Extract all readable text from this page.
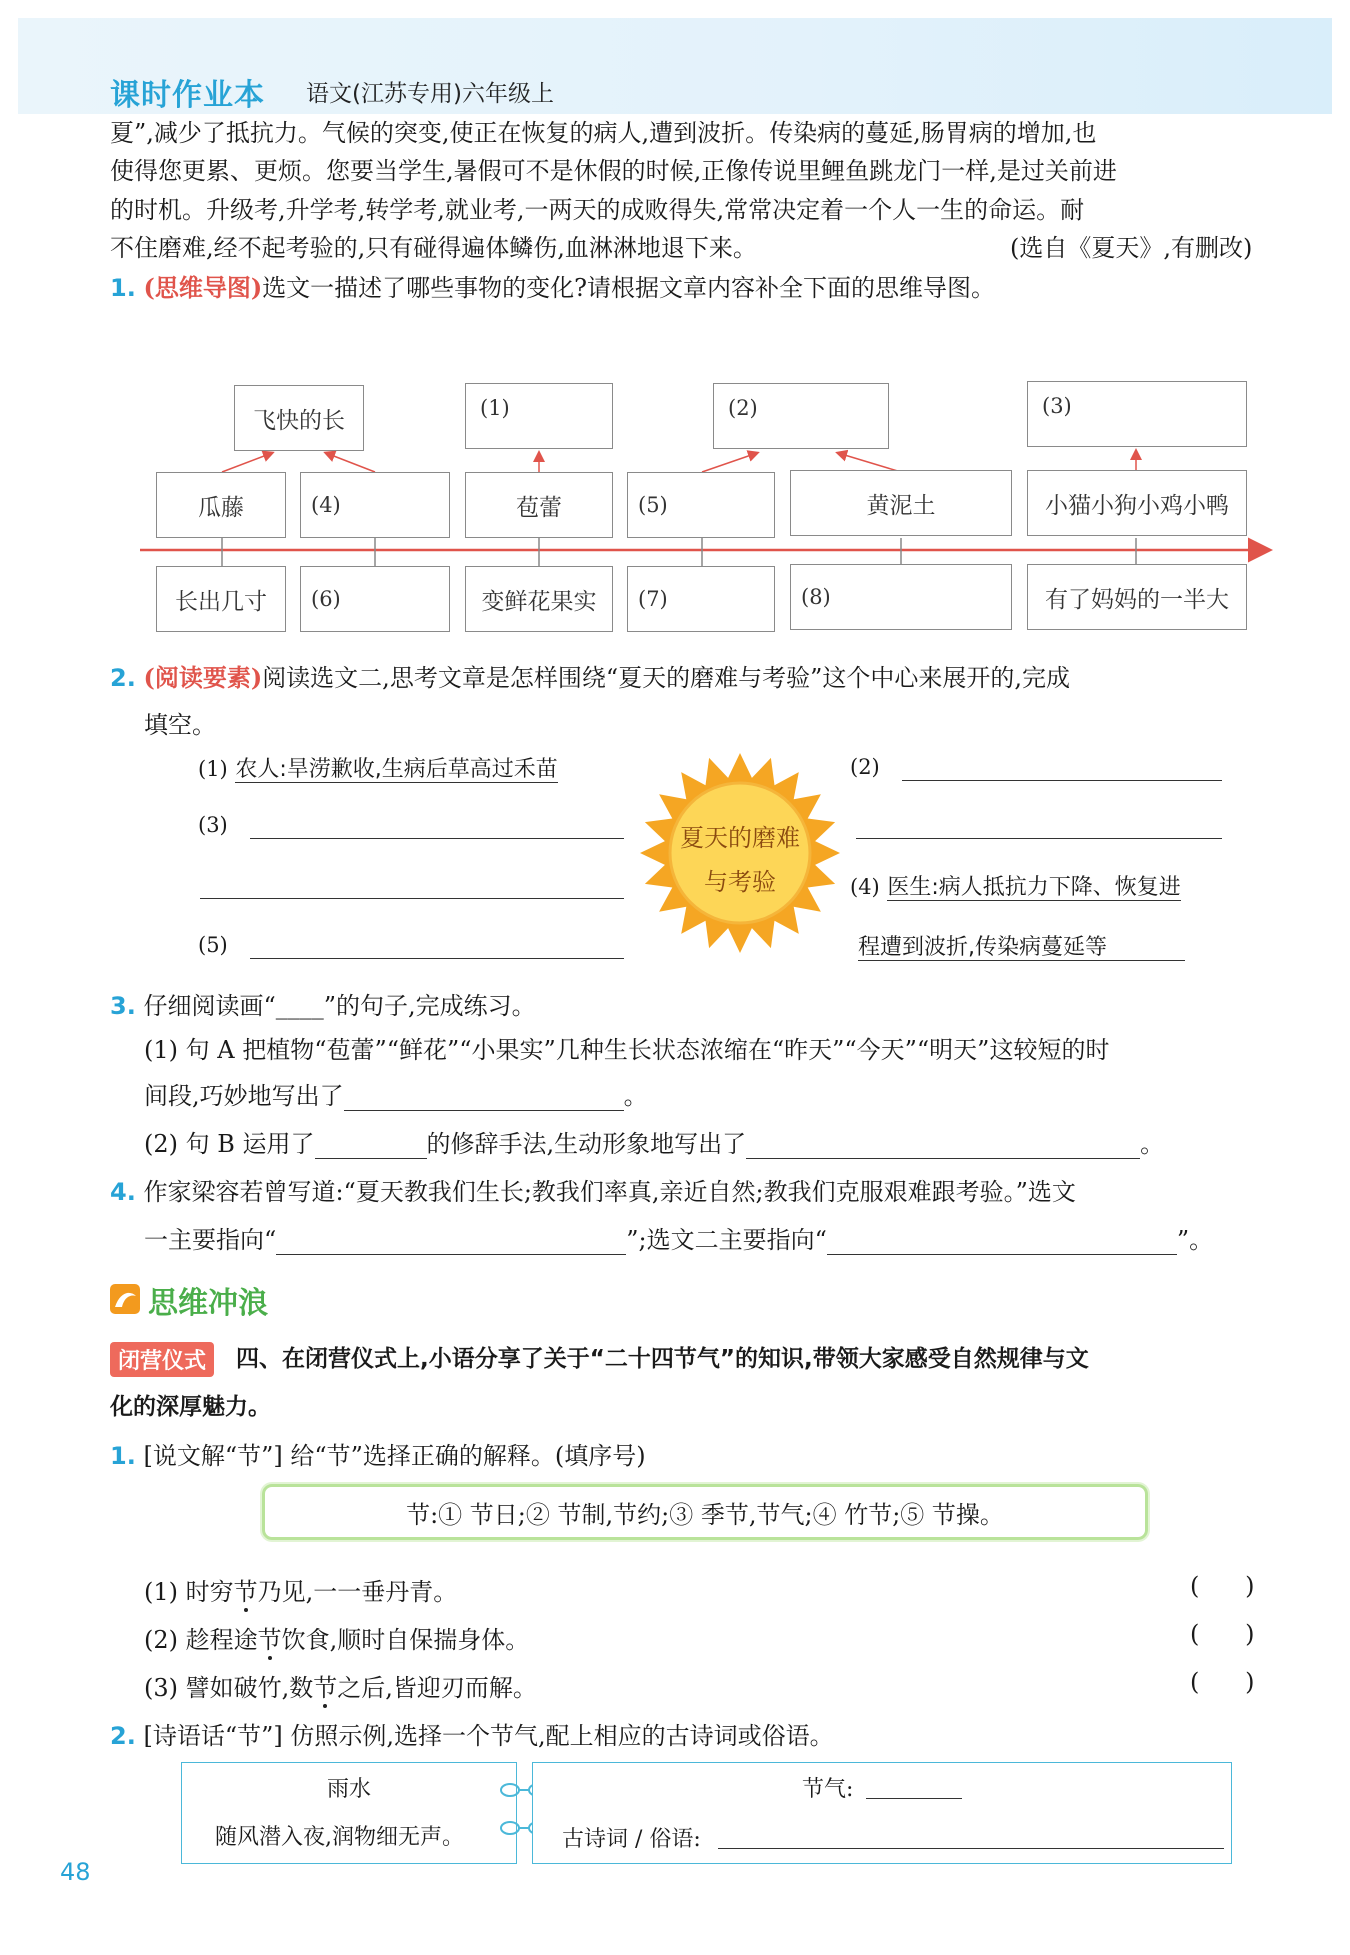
课时作业本 语文(江苏专用)六年级上
夏”,减少了抵抗力。气候的突变,使正在恢复的病人,遭到波折。传染病的蔓延,肠胃病的增加,也
使得您更累、更烦。您要当学生,暑假可不是休假的时候,正像传说里鲤鱼跳龙门一样,是过关前进
的时机。升级考,升学考,转学考,就业考,一两天的成败得失,常常决定着一个人一生的命运。耐
不住磨难,经不起考验的,只有碰得遍体鳞伤,血淋淋地退下来。	(选自《夏天》,有删改)
1. (思维导图)选文一描述了哪些事物的变化?请根据文章内容补全下面的思维导图。
飞快的长	(1)	(2)	(3)
瓜藤	(4)	苞蕾	(5)	黄泥土	小猫小狗小鸡小鸭
长出几寸	(6)	变鲜花果实	(7)	(8)	有了妈妈的一半大
2. (阅读要素)阅读选文二,思考文章是怎样围绕“夏天的磨难与考验”这个中心来展开的,完成
填空。
夏天的磨难
与考验
(1) 农人:旱涝歉收,生病后草高过禾苗	(2)
(3)
(4) 医生:病人抵抗力下降、恢复进
程遭到波折,传染病蔓延等
(5)
3. 仔细阅读画“____”的句子,完成练习。
(1) 句 A 把植物“苞蕾”“鲜花”“小果实”几种生长状态浓缩在“昨天”“今天”“明天”这较短的时
间段,巧妙地写出了	。
(2) 句 B 运用了	的修辞手法,生动形象地写出了	。
4. 作家梁容若曾写道:“夏天教我们生长;教我们率真,亲近自然;教我们克服艰难跟考验。”选文
一主要指向“	”;选文二主要指向“	”。
思维冲浪
闭营仪式	四、在闭营仪式上,小语分享了关于“二十四节气”的知识,带领大家感受自然规律与文
化的深厚魅力。
1. [说文解“节”] 给“节”选择正确的解释。(填序号)
节:① 节日;② 节制,节约;③ 季节,节气;④ 竹节;⑤ 节操。
(1) 时穷节乃见,一一垂丹青。	(      )
(2) 趁程途节饮食,顺时自保揣身体。	(      )
(3) 譬如破竹,数节之后,皆迎刃而解。	(      )
2. [诗语话“节”] 仿照示例,选择一个节气,配上相应的古诗词或俗语。
雨水
随风潜入夜,润物细无声。
节气:
古诗词 / 俗语:
48
